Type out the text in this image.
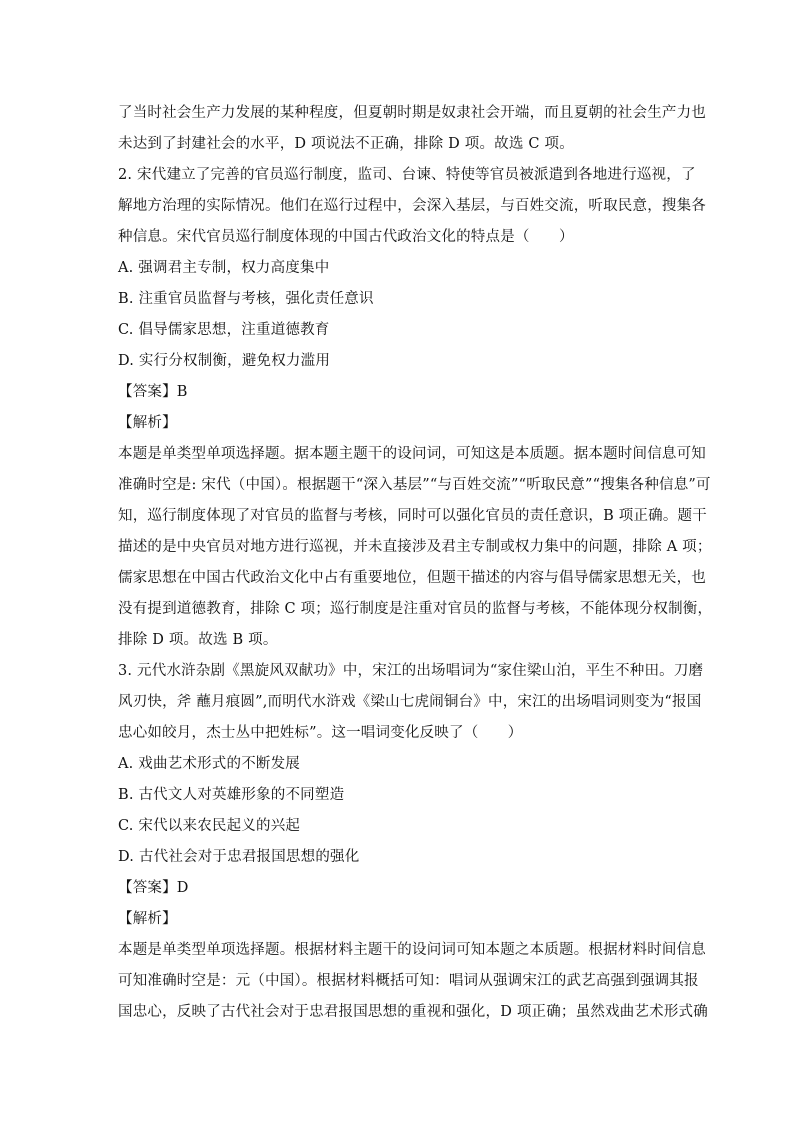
了当时社会生产力发展的某种程度，但夏朝时期是奴隶社会开端，而且夏朝的社会生产力也
未达到了封建社会的水平，D 项说法不正确，排除 D 项。故选 C 项。
2. 宋代建立了完善的官员巡行制度，监司、台谏、特使等官员被派遣到各地进行巡视，了
解地方治理的实际情况。他们在巡行过程中，会深入基层，与百姓交流，听取民意，搜集各
种信息。宋代官员巡行制度体现的中国古代政治文化的特点是（　　）
A. 强调君主专制，权力高度集中
B. 注重官员监督与考核，强化责任意识
C. 倡导儒家思想，注重道德教育
D. 实行分权制衡，避免权力滥用
【答案】B
【解析】
本题是单类型单项选择题。据本题主题干的设问词，可知这是本质题。据本题时间信息可知
准确时空是: 宋代（中国）。根据题干“深入基层”“与百姓交流”“听取民意”“搜集各种信息”可
知，巡行制度体现了对官员的监督与考核，同时可以强化官员的责任意识，B 项正确。题干
描述的是中央官员对地方进行巡视，并未直接涉及君主专制或权力集中的问题，排除 A 项；
儒家思想在中国古代政治文化中占有重要地位，但题干描述的内容与倡导儒家思想无关，也
没有提到道德教育，排除 C 项；巡行制度是注重对官员的监督与考核，不能体现分权制衡，
排除 D 项。故选 B 项。
3. 元代水浒杂剧《黑旋风双献功》中，宋江的出场唱词为“家住梁山泊，平生不种田。刀磨
风刃快，斧 蘸月痕圆”,而明代水浒戏《梁山七虎闹铜台》中，宋江的出场唱词则变为“报国
忠心如皎月，杰士丛中把姓标”。这一唱词变化反映了（　　）
A. 戏曲艺术形式的不断发展
B. 古代文人对英雄形象的不同塑造
C. 宋代以来农民起义的兴起
D. 古代社会对于忠君报国思想的强化
【答案】D
【解析】
本题是单类型单项选择题。根据材料主题干的设问词可知本题之本质题。根据材料时间信息
可知准确时空是：元（中国）。根据材料概括可知：唱词从强调宋江的武艺高强到强调其报
国忠心，反映了古代社会对于忠君报国思想的重视和强化，D 项正确；虽然戏曲艺术形式确
